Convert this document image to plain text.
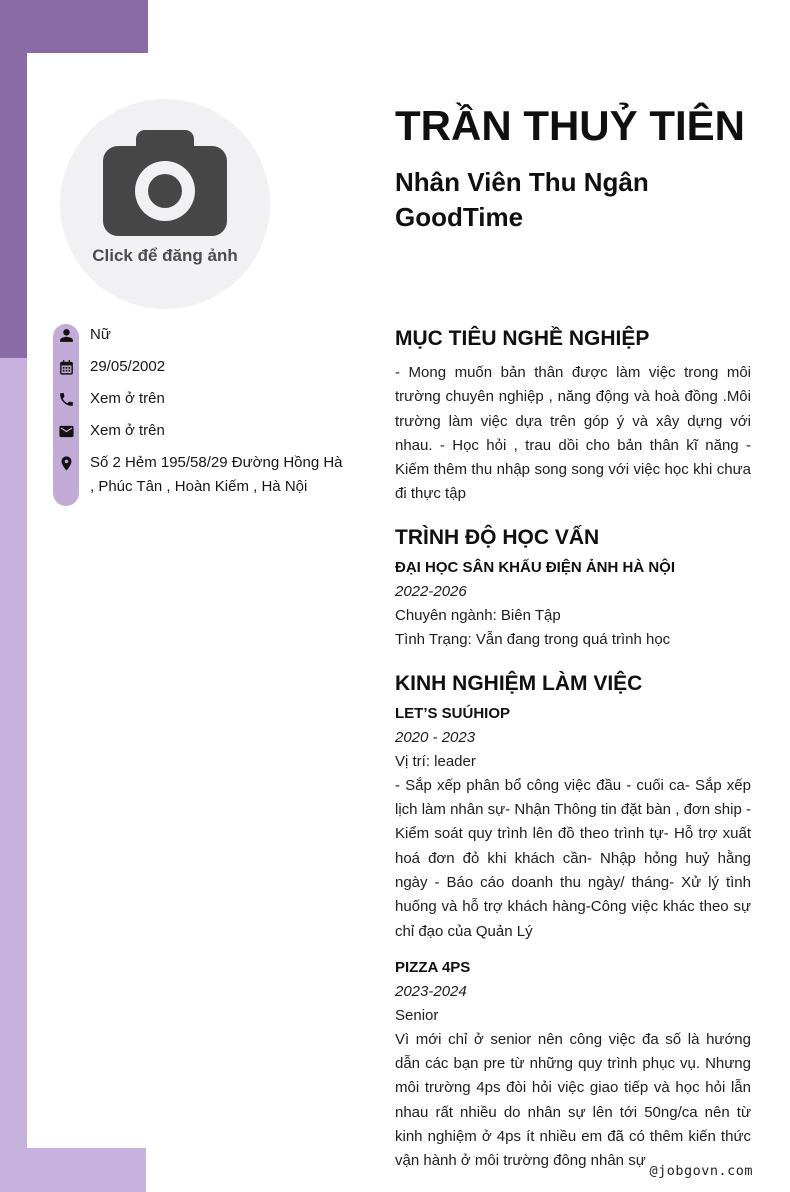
Click để đăng ảnh
TRẦN THUỶ TIÊN
Nhân Viên Thu Ngân
GoodTime
Nữ
29/05/2002
Xem ở trên
Xem ở trên
Số 2 Hẻm 195/58/29 Đường Hồng Hà , Phúc Tân , Hoàn Kiếm , Hà Nội
MỤC TIÊU NGHỀ NGHIỆP

- Mong muốn bản thân được làm việc trong môi trường chuyên nghiệp , năng động và hoà đồng .Môi trường làm việc dựa trên góp ý và xây dựng với nhau. - Học hỏi , trau dồi cho bản thân kĩ năng - Kiếm thêm thu nhập song song với việc học khi chưa đi thực tập

TRÌNH ĐỘ HỌC VẤN
ĐẠI HỌC SÂN KHẤU ĐIỆN ẢNH HÀ NỘI
2022-2026
Chuyên ngành: Biên Tập
Tình Trạng: Vẫn đang trong quá trình học
KINH NGHIỆM LÀM VIỆC
LET’S SUÚHIOP
2020 - 2023
Vị trí: leader

- Sắp xếp phân bổ công việc đầu - cuối ca- Sắp xếp lịch làm nhân sự- Nhận Thông tin đặt bàn , đơn ship - Kiểm soát quy trình lên đồ theo trình tự- Hỗ trợ xuất hoá đơn đỏ khi khách cần- Nhập hỏng huỷ hằng ngày - Báo cáo doanh thu ngày/ tháng- Xử lý tình huống và hỗ trợ khách hàng-Công việc khác theo sự chỉ đạo của Quản Lý

PIZZA 4PS
2023-2024
Senior

Vì mới chỉ ở senior nên công việc đa số là hướng dẫn các bạn pre từ những quy trình phục vụ. Nhưng môi trường 4ps đòi hỏi việc giao tiếp và học hỏi lẫn nhau rất nhiều do nhân sự lên tới 50ng/ca nên từ kinh nghiệm ở 4ps ít nhiều em đã có thêm kiến thức vận hành ở môi trường đông nhân sự

@jobgovn.com
